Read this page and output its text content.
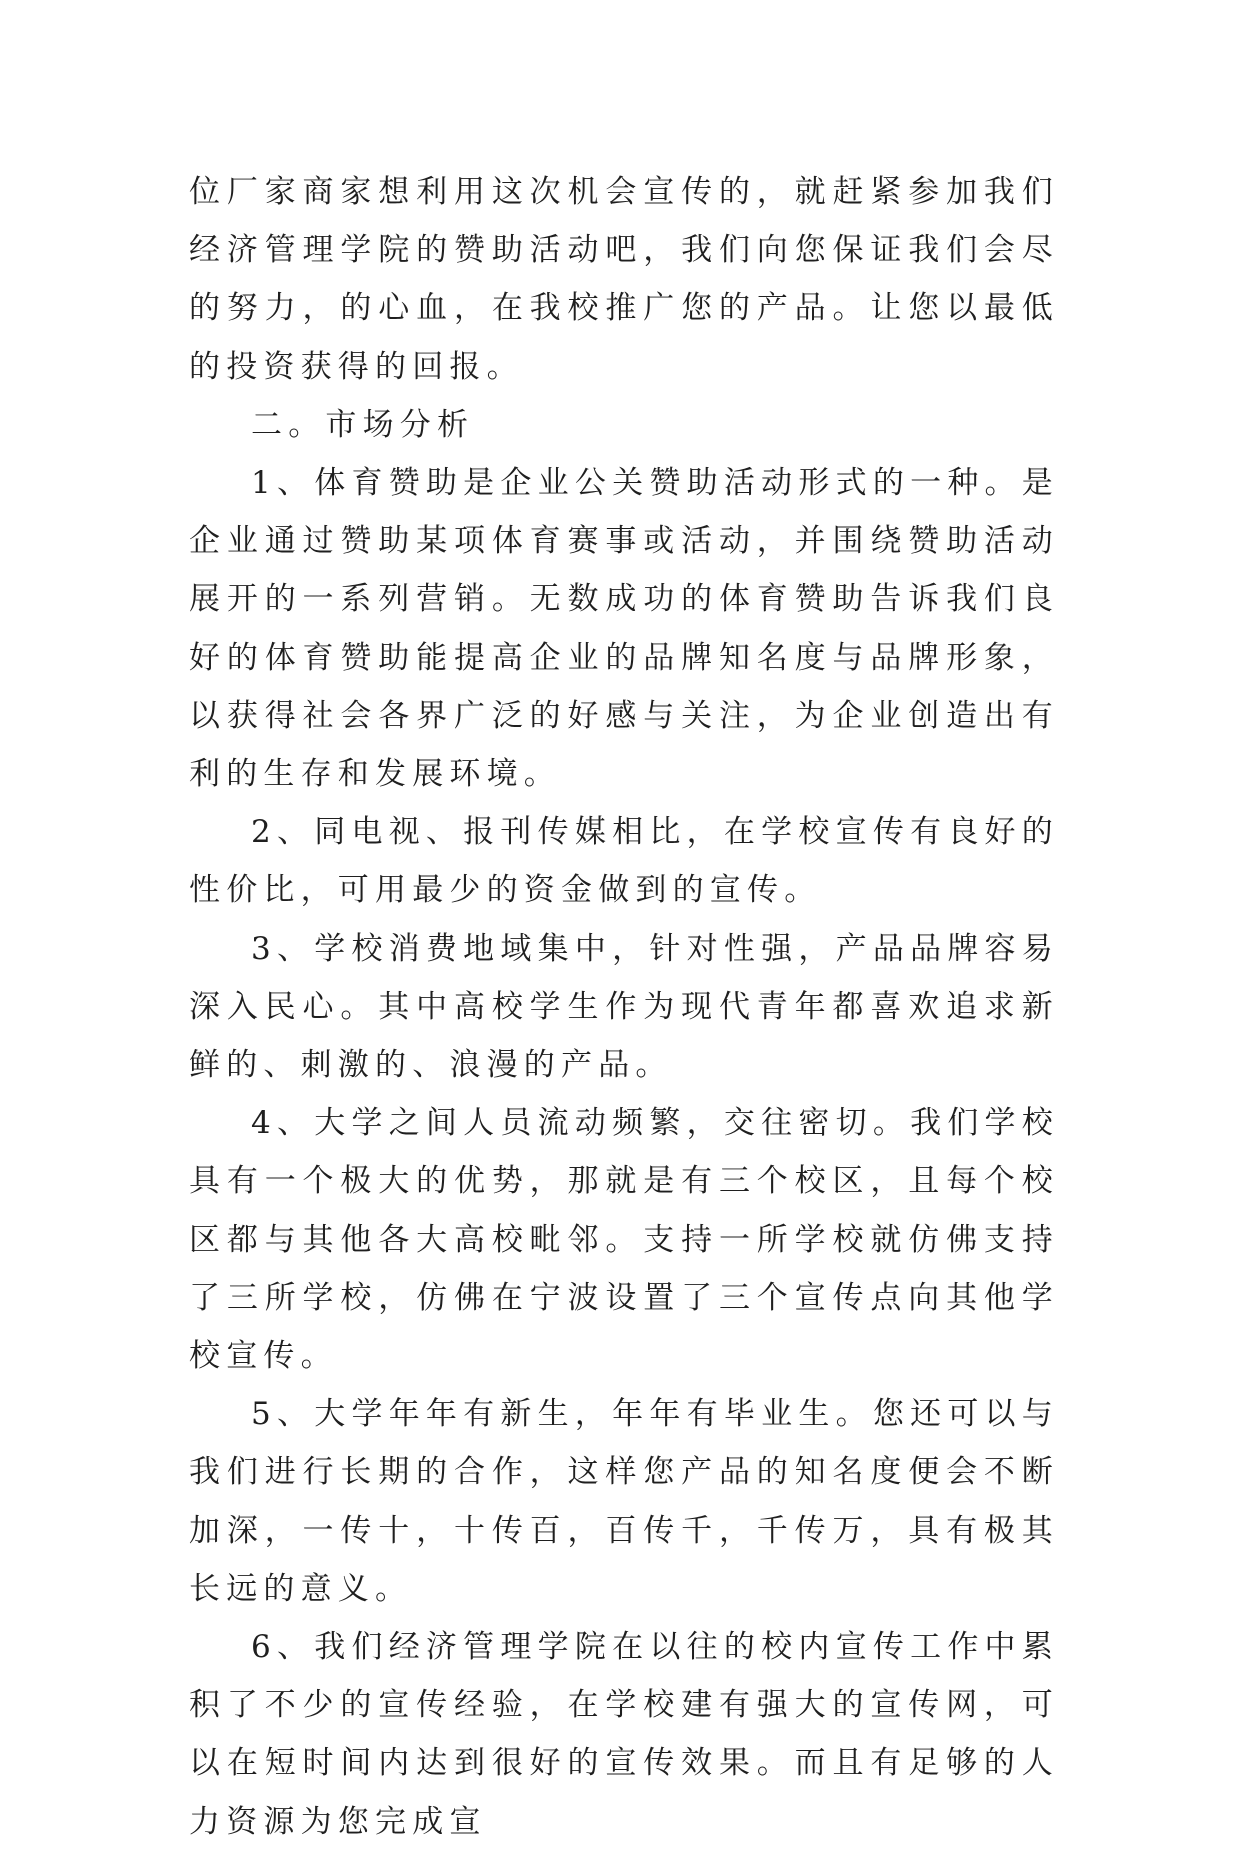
位厂家商家想利用这次机会宣传的，就赶紧参加我们经济管理学院的赞助活动吧，我们向您保证我们会尽的努力，的心血，在我校推广您的产品。让您以最低的投资获得的回报。

二。市场分析

1、体育赞助是企业公关赞助活动形式的一种。是企业通过赞助某项体育赛事或活动，并围绕赞助活动展开的一系列营销。无数成功的体育赞助告诉我们良好的体育赞助能提高企业的品牌知名度与品牌形象，以获得社会各界广泛的好感与关注，为企业创造出有利的生存和发展环境。

2、同电视、报刊传媒相比，在学校宣传有良好的性价比，可用最少的资金做到的宣传。

3、学校消费地域集中，针对性强，产品品牌容易深入民心。其中高校学生作为现代青年都喜欢追求新鲜的、刺激的、浪漫的产品。

4、大学之间人员流动频繁，交往密切。我们学校具有一个极大的优势，那就是有三个校区，且每个校区都与其他各大高校毗邻。支持一所学校就仿佛支持了三所学校，仿佛在宁波设置了三个宣传点向其他学校宣传。

5、大学年年有新生，年年有毕业生。您还可以与我们进行长期的合作，这样您产品的知名度便会不断加深，一传十，十传百，百传千，千传万，具有极其长远的意义。

6、我们经济管理学院在以往的校内宣传工作中累积了不少的宣传经验，在学校建有强大的宣传网，可以在短时间内达到很好的宣传效果。而且有足够的人力资源为您完成宣
